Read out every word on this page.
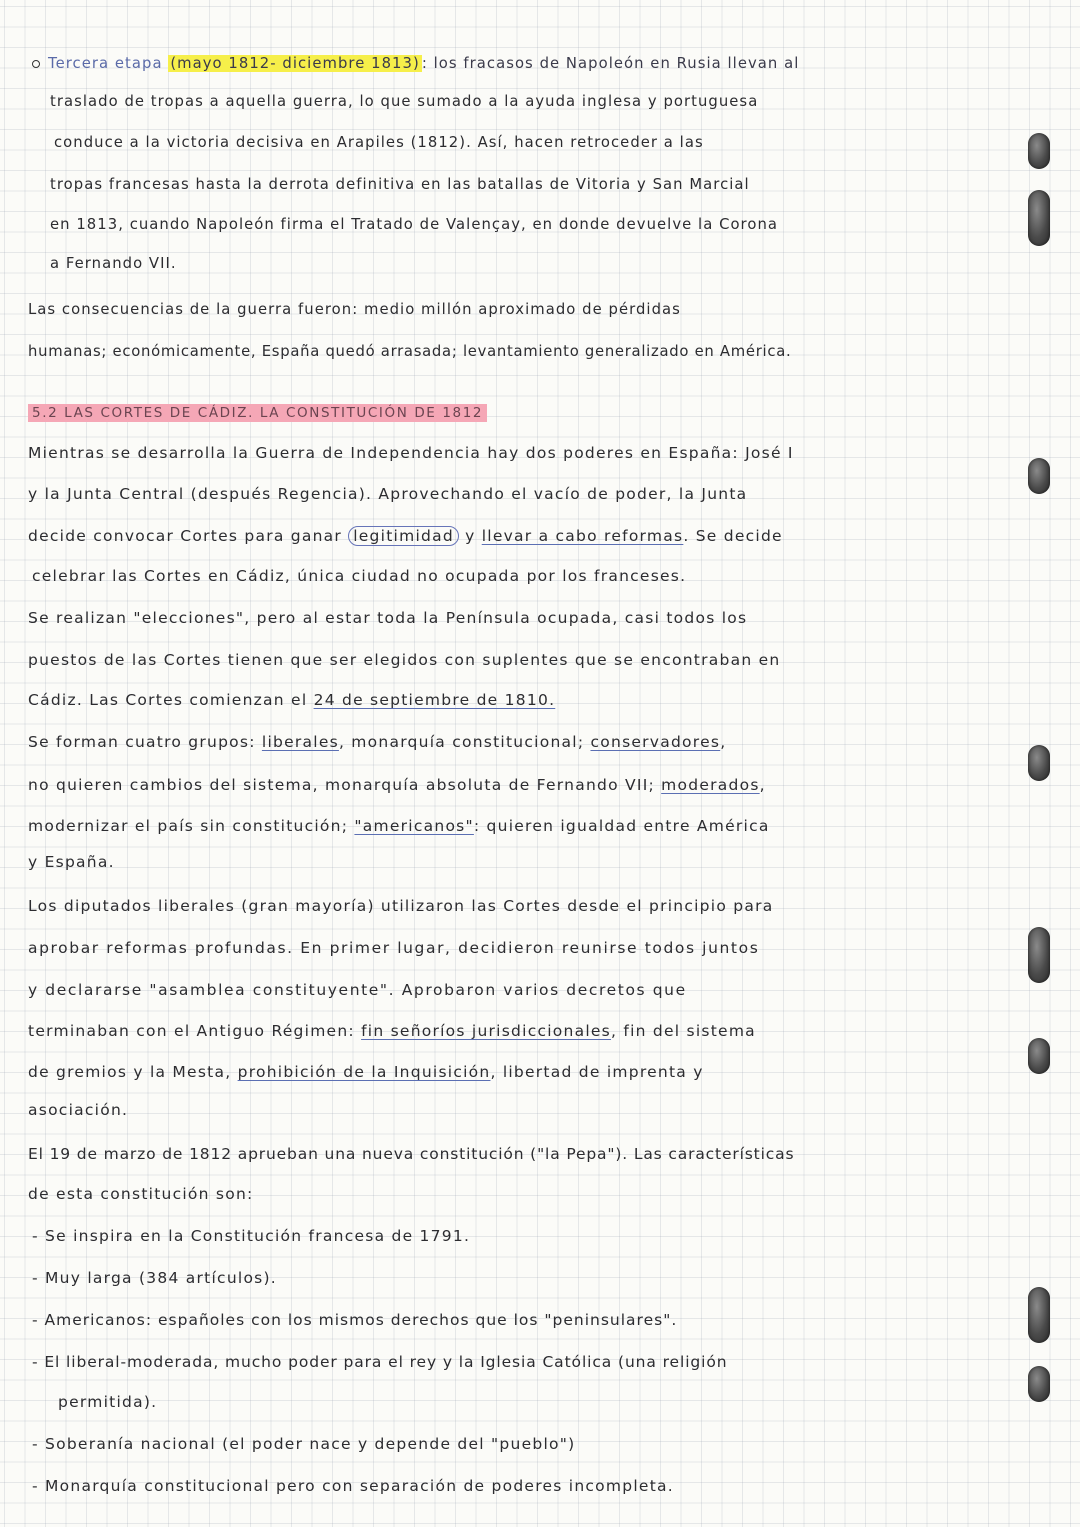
Tercera etapa (mayo 1812- diciembre 1813) : los fracasos de Napoleón en Rusia llevan al
traslado de tropas a aquella guerra, lo que sumado a la ayuda inglesa y portuguesa
conduce a la victoria decisiva en Arapiles (1812). Así, hacen retroceder a las
tropas francesas hasta la derrota definitiva en las batallas de Vitoria y San Marcial
en 1813, cuando Napoleón firma el Tratado de Valençay, en donde devuelve la Corona
a Fernando VII.
Las consecuencias de la guerra fueron: medio millón aproximado de pérdidas
humanas; económicamente, España quedó arrasada; levantamiento generalizado en América.
5.2 LAS CORTES DE CÁDIZ. LA CONSTITUCIÓN DE 1812
Mientras se desarrolla la Guerra de Independencia hay dos poderes en España: José I
y la Junta Central (después Regencia). Aprovechando el vacío de poder, la Junta
decide convocar Cortes para ganar legitimidad y llevar a cabo reformas. Se decide
celebrar las Cortes en Cádiz, única ciudad no ocupada por los franceses.
Se realizan "elecciones", pero al estar toda la Península ocupada, casi todos los
puestos de las Cortes tienen que ser elegidos con suplentes que se encontraban en
Cádiz. Las Cortes comienzan el 24 de septiembre de 1810.
Se forman cuatro grupos: liberales, monarquía constitucional; conservadores,
no quieren cambios del sistema, monarquía absoluta de Fernando VII; moderados,
modernizar el país sin constitución; "americanos": quieren igualdad entre América
y España.
Los diputados liberales (gran mayoría) utilizaron las Cortes desde el principio para
aprobar reformas profundas. En primer lugar, decidieron reunirse todos juntos
y declararse "asamblea constituyente". Aprobaron varios decretos que
terminaban con el Antiguo Régimen: fin señoríos jurisdiccionales, fin del sistema
de gremios y la Mesta, prohibición de la Inquisición, libertad de imprenta y
asociación.
El 19 de marzo de 1812 aprueban una nueva constitución ("la Pepa"). Las características
de esta constitución son:
- Se inspira en la Constitución francesa de 1791.
- Muy larga (384 artículos).
- Americanos: españoles con los mismos derechos que los "peninsulares".
- El liberal-moderada, mucho poder para el rey y la Iglesia Católica (una religión
permitida).
- Soberanía nacional (el poder nace y depende del "pueblo")
- Monarquía constitucional pero con separación de poderes incompleta.
